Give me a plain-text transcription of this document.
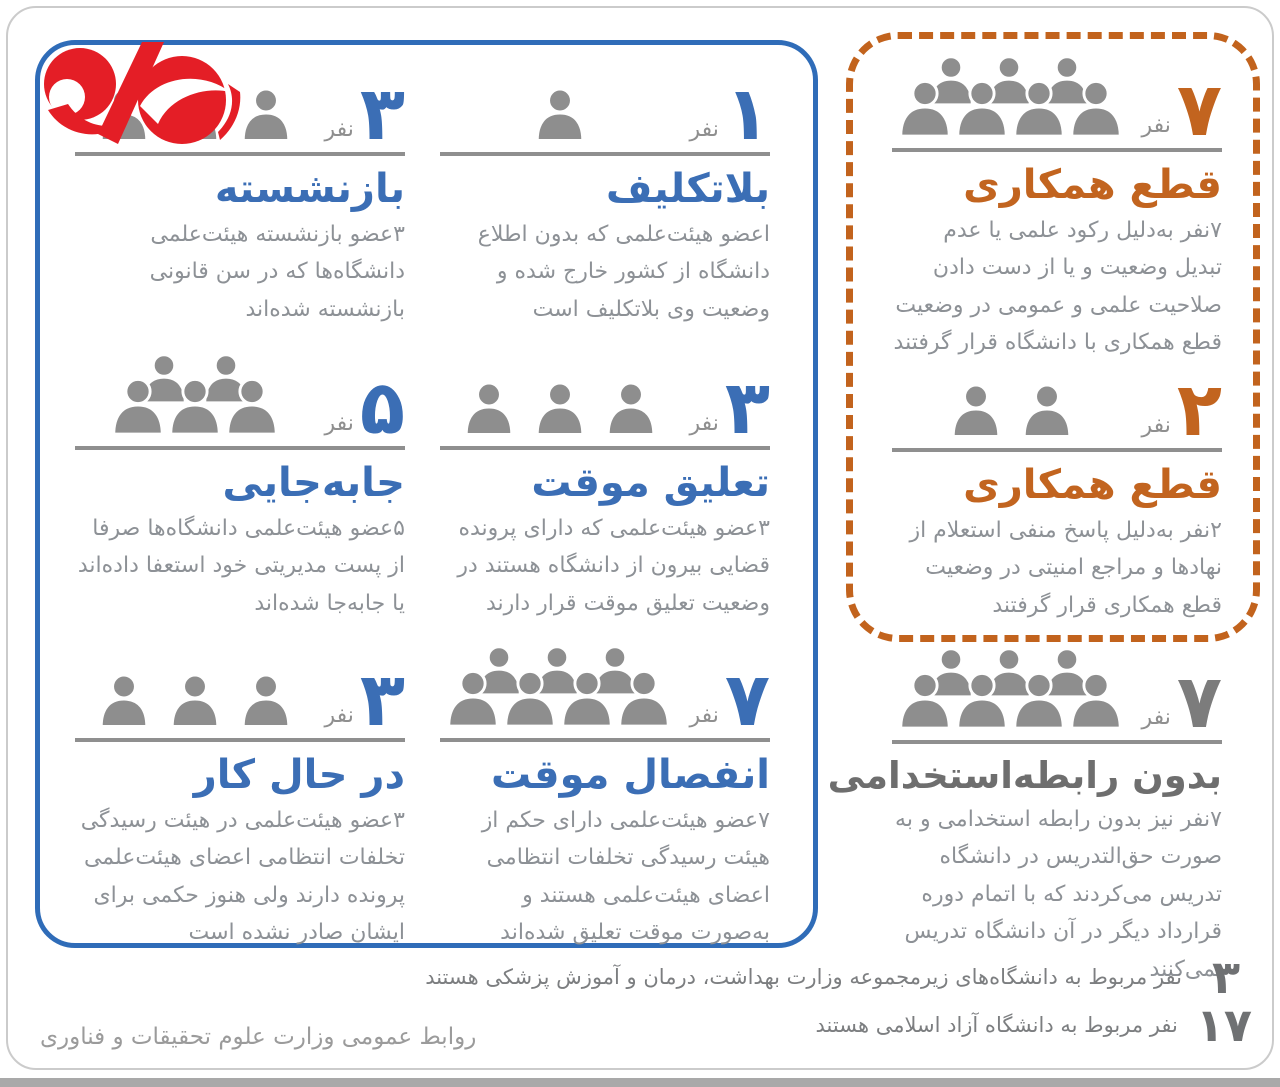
۳
نفر
بازنشسته

۳عضو بازنشسته هیئت‌علمی دانشگاه‌ها که در سن قانونی بازنشسته شده‌اند

۱
نفر
بلاتکلیف

اعضو هیئت‌علمی که بدون اطلاع دانشگاه از کشور خارج شده و وضعیت وی بلاتکلیف است

۷
نفر
قطع همکاری

۷نفر به‌دلیل رکود علمی یا عدم تبدیل وضعیت و یا از دست دادن صلاحیت علمی و عمومی در وضعیت قطع همکاری با دانشگاه قرار گرفتند

۵
نفر
جابه‌جایی

۵عضو هیئت‌علمی دانشگاه‌ها صرفا از پست مدیریتی خود استعفا داده‌اند یا جابه‌جا شده‌اند

۳
نفر
تعلیق موقت

۳عضو هیئت‌علمی که دارای پرونده قضایی بیرون از دانشگاه هستند در وضعیت تعلیق موقت قرار دارند

۲
نفر
قطع همکاری

۲نفر به‌دلیل پاسخ منفی استعلام از نهادها و مراجع امنیتی در وضعیت قطع همکاری قرار گرفتند

۳
نفر
در حال کار

۳عضو هیئت‌علمی در هیئت رسیدگی تخلفات انتظامی اعضای هیئت‌علمی پرونده دارند ولی هنوز حکمی برای ایشان صادر نشده است

۷
نفر
انفصال موقت

۷عضو هیئت‌علمی دارای حکم از هیئت رسیدگی تخلفات انتظامی اعضای هیئت‌علمی هستند و به‌صورت موقت تعلیق شده‌اند

۷
نفر
بدون رابطه‌استخدامی

۷نفر نیز بدون رابطه استخدامی و به صورت حق‌التدریس در دانشگاه تدریس می‌کردند که با اتمام دوره قرارداد دیگر در آن دانشگاه تدریس نمی‌کنند

۳
نفر مربوط به دانشگاه‌های زیرمجموعه وزارت بهداشت، درمان و آموزش پزشکی هستند
۱۷
نفر مربوط به دانشگاه آزاد اسلامی هستند
روابط عمومی وزارت علوم تحقیقات و فناوری
